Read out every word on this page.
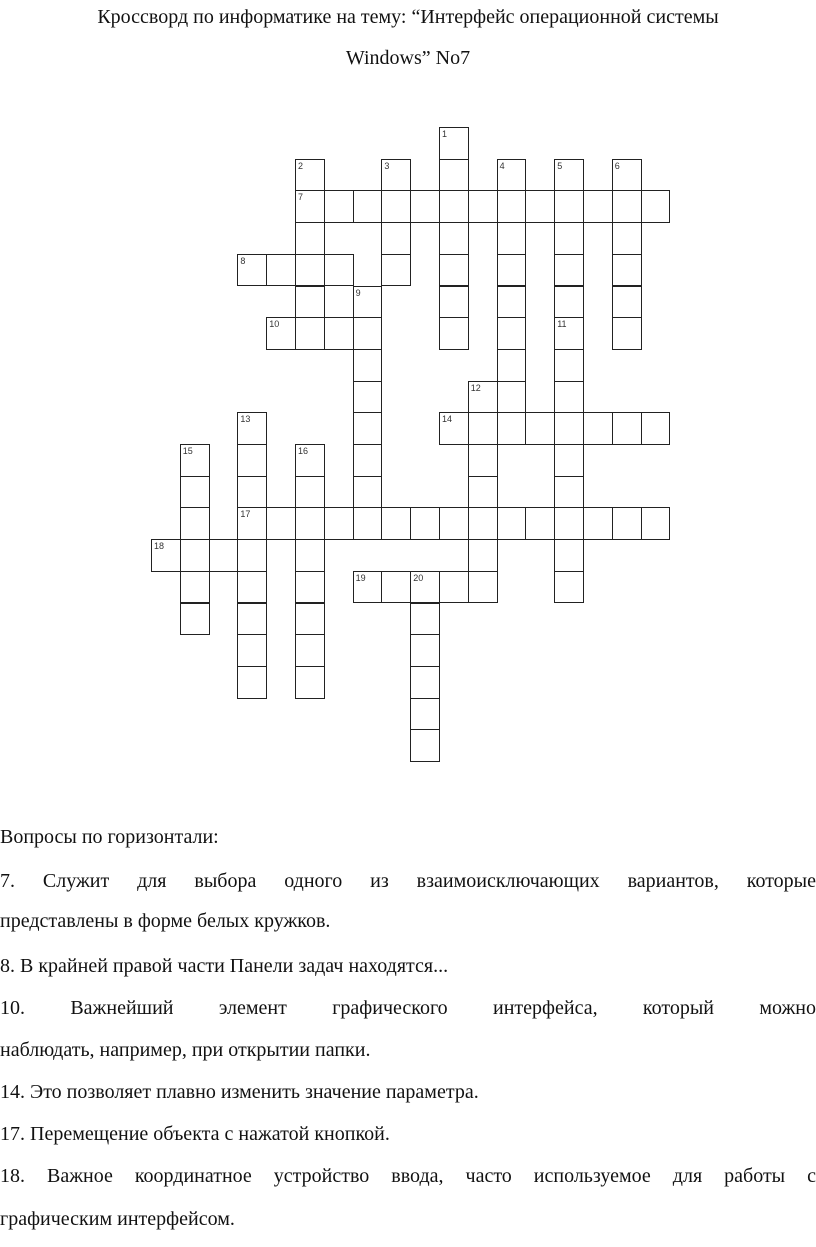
Кроссворд по информатике на тему: “Интерфейс операционной системы
Windows” No7
1
2
7
3	4	5	6
8
9
10	11
12
13
17
14
15	16
18
19	20
Вопросы по горизонтали:
7. Служит для выбора одного из взаимоисключающих вариантов, которые
представлены в форме белых кружков.
8. В крайней правой части Панели задач находятся...
10. Важнейший элемент графического интерфейса, который можно
наблюдать, например, при открытии папки.
14. Это позволяет плавно изменить значение параметра.
17. Перемещение объекта с нажатой кнопкой.
18. Важное координатное устройство ввода, часто используемое для работы с
графическим интерфейсом.
